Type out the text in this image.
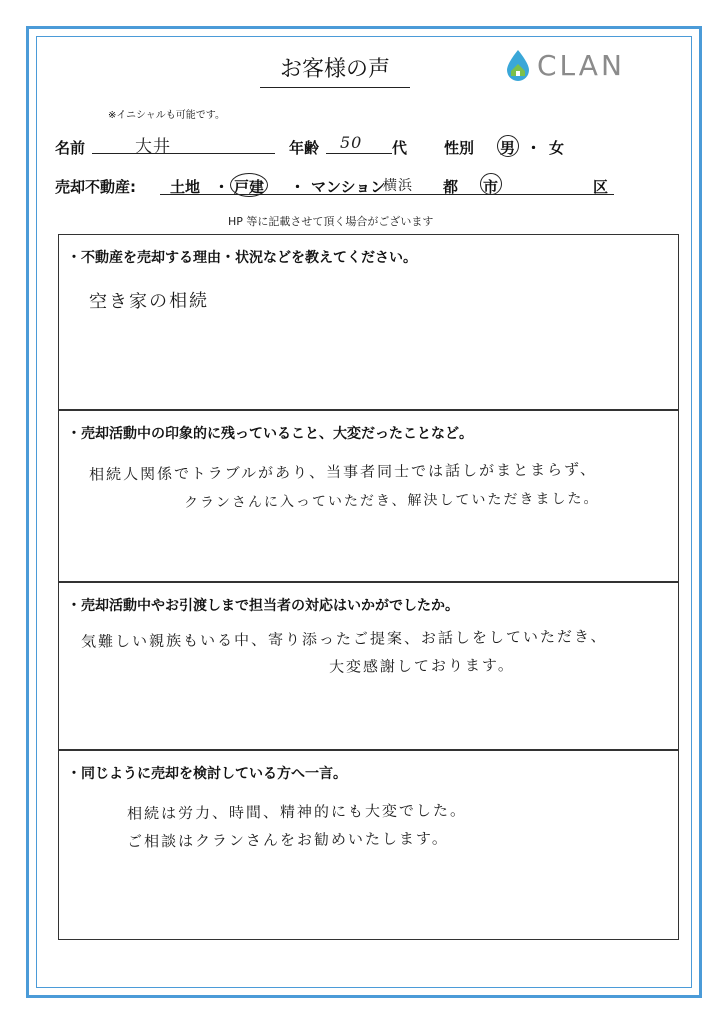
お客様の声	CLAN
※イニシャルも可能です。
名前	大井	年齢 50 代 性別 男 ・ 女
売却不動産: 土地 ・ 戸建 ・ マンション
横浜 都 市	区
HP 等に記載させて頂く場合がございます
・不動産を売却する理由・状況などを教えてください。
空き家の相続
・売却活動中の印象的に残っていること、大変だったことなど。
相続人関係でトラブルがあり、当事者同士では話しがまとまらず、
クランさんに入っていただき、解決していただきました。
・売却活動中やお引渡しまで担当者の対応はいかがでしたか。
気難しい親族もいる中、寄り添ったご提案、お話しをしていただき、
大変感謝しております。
・同じように売却を検討している方へ一言。
相続は労力、時間、精神的にも大変でした。
ご相談はクランさんをお勧めいたします。
